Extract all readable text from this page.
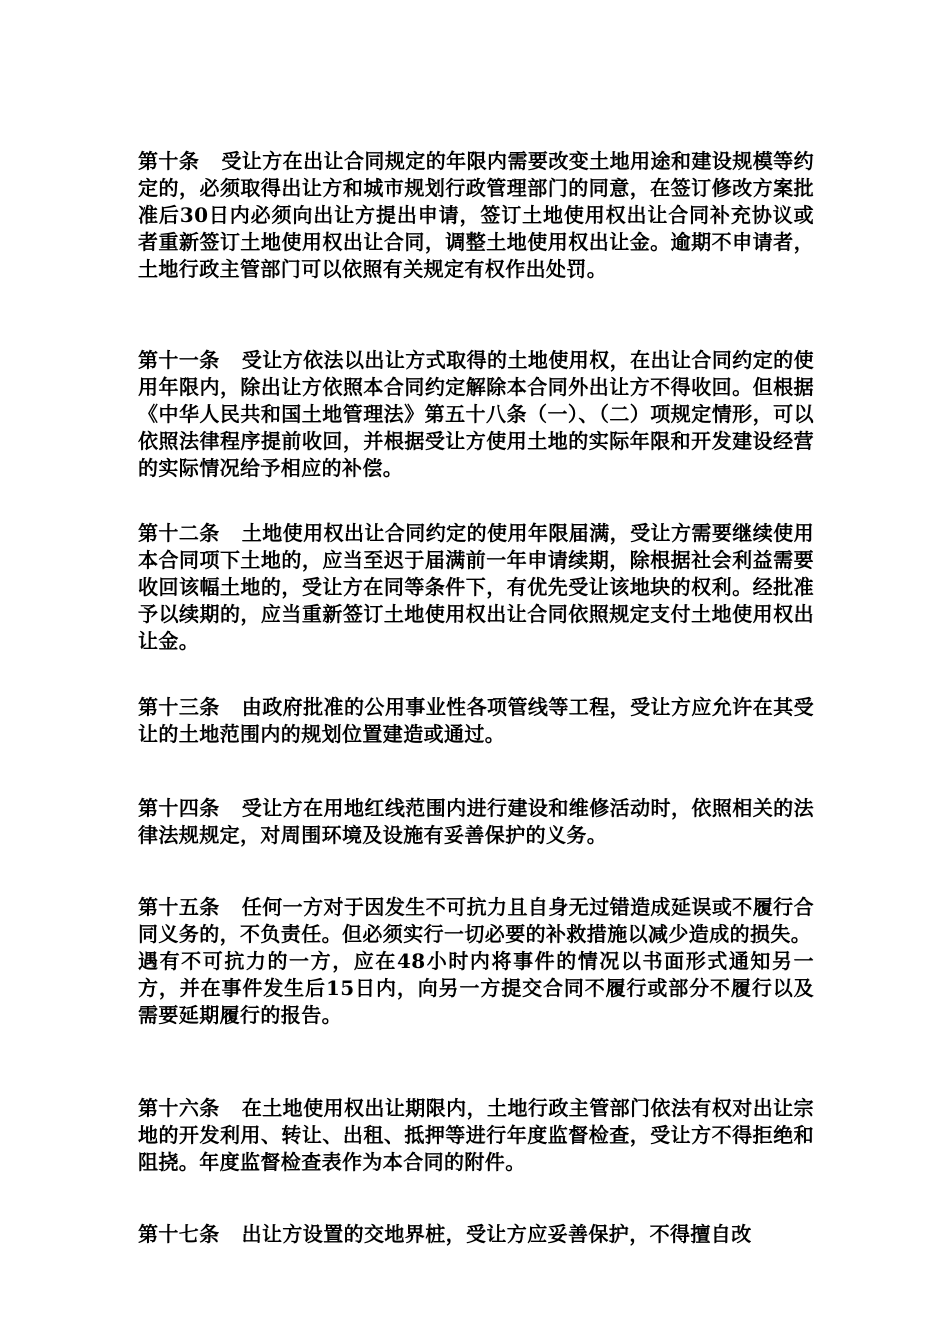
第十条 受让方在出让合同规定的年限内需要改变土地用途和建设规模等约定的，必须取得出让方和城市规划行政管理部门的同意，在签订修改方案批准后30日内必须向出让方提出申请，签订土地使用权出让合同补充协议或者重新签订土地使用权出让合同，调整土地使用权出让金。逾期不申请者，土地行政主管部门可以依照有关规定有权作出处罚。

第十一条 受让方依法以出让方式取得的土地使用权，在出让合同约定的使用年限内，除出让方依照本合同约定解除本合同外出让方不得收回。但根据《中华人民共和国土地管理法》第五十八条（一）、（二）项规定情形，可以依照法律程序提前收回，并根据受让方使用土地的实际年限和开发建设经营的实际情况给予相应的补偿。

第十二条 土地使用权出让合同约定的使用年限届满，受让方需要继续使用本合同项下土地的，应当至迟于届满前一年申请续期，除根据社会利益需要收回该幅土地的，受让方在同等条件下，有优先受让该地块的权利。经批准予以续期的，应当重新签订土地使用权出让合同依照规定支付土地使用权出让金。

第十三条 由政府批准的公用事业性各项管线等工程，受让方应允许在其受让的土地范围内的规划位置建造或通过。

第十四条 受让方在用地红线范围内进行建设和维修活动时，依照相关的法律法规规定，对周围环境及设施有妥善保护的义务。

第十五条 任何一方对于因发生不可抗力且自身无过错造成延误或不履行合同义务的，不负责任。但必须实行一切必要的补救措施以减少造成的损失。

遇有不可抗力的一方，应在48小时内将事件的情况以书面形式通知另一方，并在事件发生后15日内，向另一方提交合同不履行或部分不履行以及需要延期履行的报告。

第十六条 在土地使用权出让期限内，土地行政主管部门依法有权对出让宗地的开发利用、转让、出租、抵押等进行年度监督检查，受让方不得拒绝和阻挠。年度监督检查表作为本合同的附件。

第十七条 出让方设置的交地界桩，受让方应妥善保护，不得擅自改
